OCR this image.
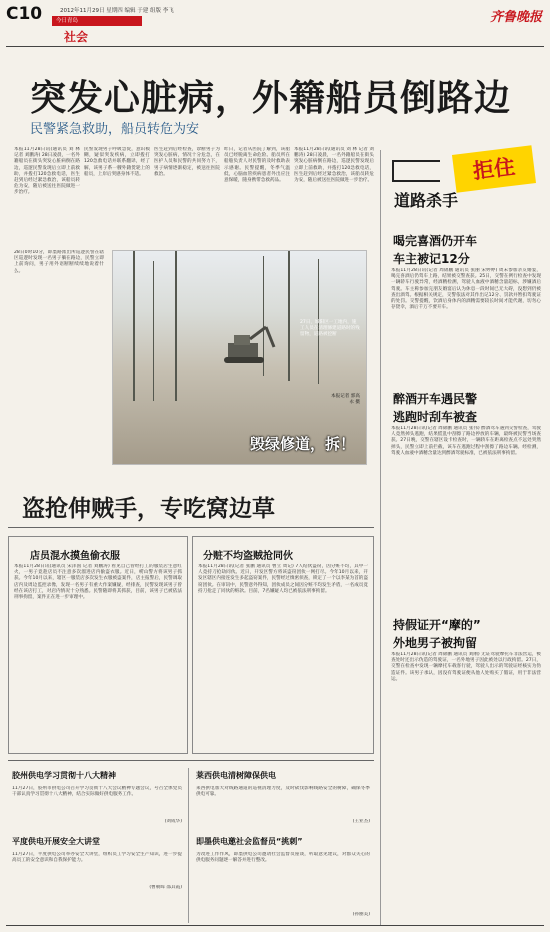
C10	2012年11月29日 星期四 编辑 于建 组版 李飞
今日青岛
社会
齐鲁晚报
突发心脏病，外籍船员倒路边
民警紧急救助，船员转危为安
本报11月28日讯(通讯员 刘 林 记者 刘鹏涛) 28日凌晨，一名外籍船员在街头突发心脏病倒在路边，巡逻民警发现后立即上前救助，并拨打120急救电话，医生赶到后经过紧急救治，该船员转危为安，随后被送往医院做进一步治疗。
28日0时10分，即墨路派出所巡逻民警在辖区巡逻时发现一名男子躺在路边，民警立即上前询问，男子用外语断断续续地说着什么。
民警发现男子呼吸急促，意识模糊，疑似突发疾病，立即拨打120急救电话并联系翻译，经了解，该男子系一艘外籍货轮上的船员，上岸后突感身体不适。
医生赶到后经检查，诊断男子为突发心脏病，情况十分危急，在医护人员和民警的共同努力下，男子病情逐渐稳定，被送往医院救治。
昨日，记者从医院了解到，该船员已经脱离生命危险。船员所在船舶负责人对民警的及时救助表示感谢。民警提醒，冬季气温低，心脑血管疾病患者外出应注意保暖，随身携带急救药品。
本报11月28日讯(通讯员 刘 林 记者 刘鹏涛) 28日凌晨，一名外籍船员在街头突发心脏病倒在路边，巡逻民警发现后立即上前救助，并拨打120急救电话，医生赶到后经过紧急救治，该船员转危为安，随后被送往医院做进一步治疗。
27日，城阳区一工地内，施工人员在清理修建道路时的残留物，道路被挖断
本报记者 郭高永 摄
毁绿修道，拆！
拒住
道路杀手
喝完喜酒仍开车
车主被记12分
本报11月28日讯(记者 周锦鹏 通讯员 张丽 宋婷婷) 周末参加亲友婚宴，喝完喜酒后仍驾车上路，结果被交警查获。25日，交警在例行检查中发现一辆轿车行驶异常，经酒精检测，驾驶人血液中酒精含量超标，涉嫌酒后驾驶。车主称参加完朋友婚宴后认为休息一段时间已无大碍，没想到仍被查出酒驾。根据相关规定，交警依法对其作出记12分、罚款并暂扣驾驶证的处罚。交警提醒，饮酒后身体内的酒精需要较长时间才能代谢，切勿心存侥幸，酒后千万不要开车。
醉酒开车遇民警
逃跑时刮车被查
本报11月28日讯(记者 周锦鹏 通讯员 张伟) 醉酒驾车遇到交警检查，驾驶人竟然掉头逃跑，结果慌乱中刮擦了路边停放的车辆，最终被民警当场查获。27日晚，交警在辖区设卡检查时，一辆轿车在距离检查点不远处突然掉头，民警立即上前拦截，该车在逃跑过程中刮擦了路边车辆。经检测，驾驶人血液中酒精含量达到醉酒驾驶标准，已被依法刑事拘留。
持假证开“摩的”
外地男子被拘留
本报11月28日讯(记者 周锦鹏 通讯员 刘刚) 无证驾驶摩托车非法营运，被查处时还出示伪造的驾驶证，一名外地男子因此被处以行政拘留。27日，交警在检查中发现一辆摩托车载客行驶，驾驶人出示的驾驶证经核实为伪造证件。该男子承认，因没有驾驶证便从他人处购买了假证，用于非法营运。
盗抢伸贼手，专吃窝边草
店员混水摸鱼偷衣服
本报11月28日讯(通讯员 宋泽国 记者 刘鹏涛) 看见自己曾经打工的服装店生意红火，一男子竟趁店员不注意多次溜进店内偷盗衣服。近日，崂山警方将该男子抓获。今年10月以来，辖区一服装店多次发生衣服被盗案件，店主报警后，民警调取店内及周边监控录像，发现一名男子有重大作案嫌疑，经排查，民警发现该男子曾经在该店打工，对店内情况十分熟悉。民警随即将其抓获，目前，该男子已被依法刑事拘留，案件正在进一步审理中。
分赃不均盗贼抢同伙
本报11月28日讯(记者 张鹏 通讯员 曹立 周记) 7人结伙盗窃，因分赃不均，其中一人竟持刀抢劫同伙。近日，开发区警方将该盗窃团伙一网打尽。今年10月以来，开发区辖区内接连发生多起盗窃案件，民警经过缜密侦查，锁定了一个以李某为首的盗窃团伙。在审讯中，民警意外得知，团伙成员之间因分赃不均发生矛盾，一名成员竟持刀抢走了同伙的赃款。目前，7名嫌疑人均已被依法刑事拘留。
胶州供电学习贯彻十八大精神
11月27日，胶州市供电公司召开学习贯彻十八大会议精神专题会议，号召全体党员干部认真学习贯彻十八大精神，结合实际做好供电服务工作。
(刘成华)
平度供电开展安全大讲堂
11月27日，平度供电公司举办安全大讲堂，组织员工学习安全生产知识，进一步提高员工的安全意识和自我保护能力。
(曹朝晖 邵其霞)
莱西供电清树障保供电
莱西供电加大对线路通道的巡视清理力度，及时砍伐影响线路安全的树障，确保冬季供电可靠。
(王业杰)
即墨供电邀社会监督员“挑刺”
为改进工作作风，即墨供电公司邀请社会监督员座谈，听取意见建议，对群众关心的供电服务问题逐一解答并进行整改。
(孙丽美)
